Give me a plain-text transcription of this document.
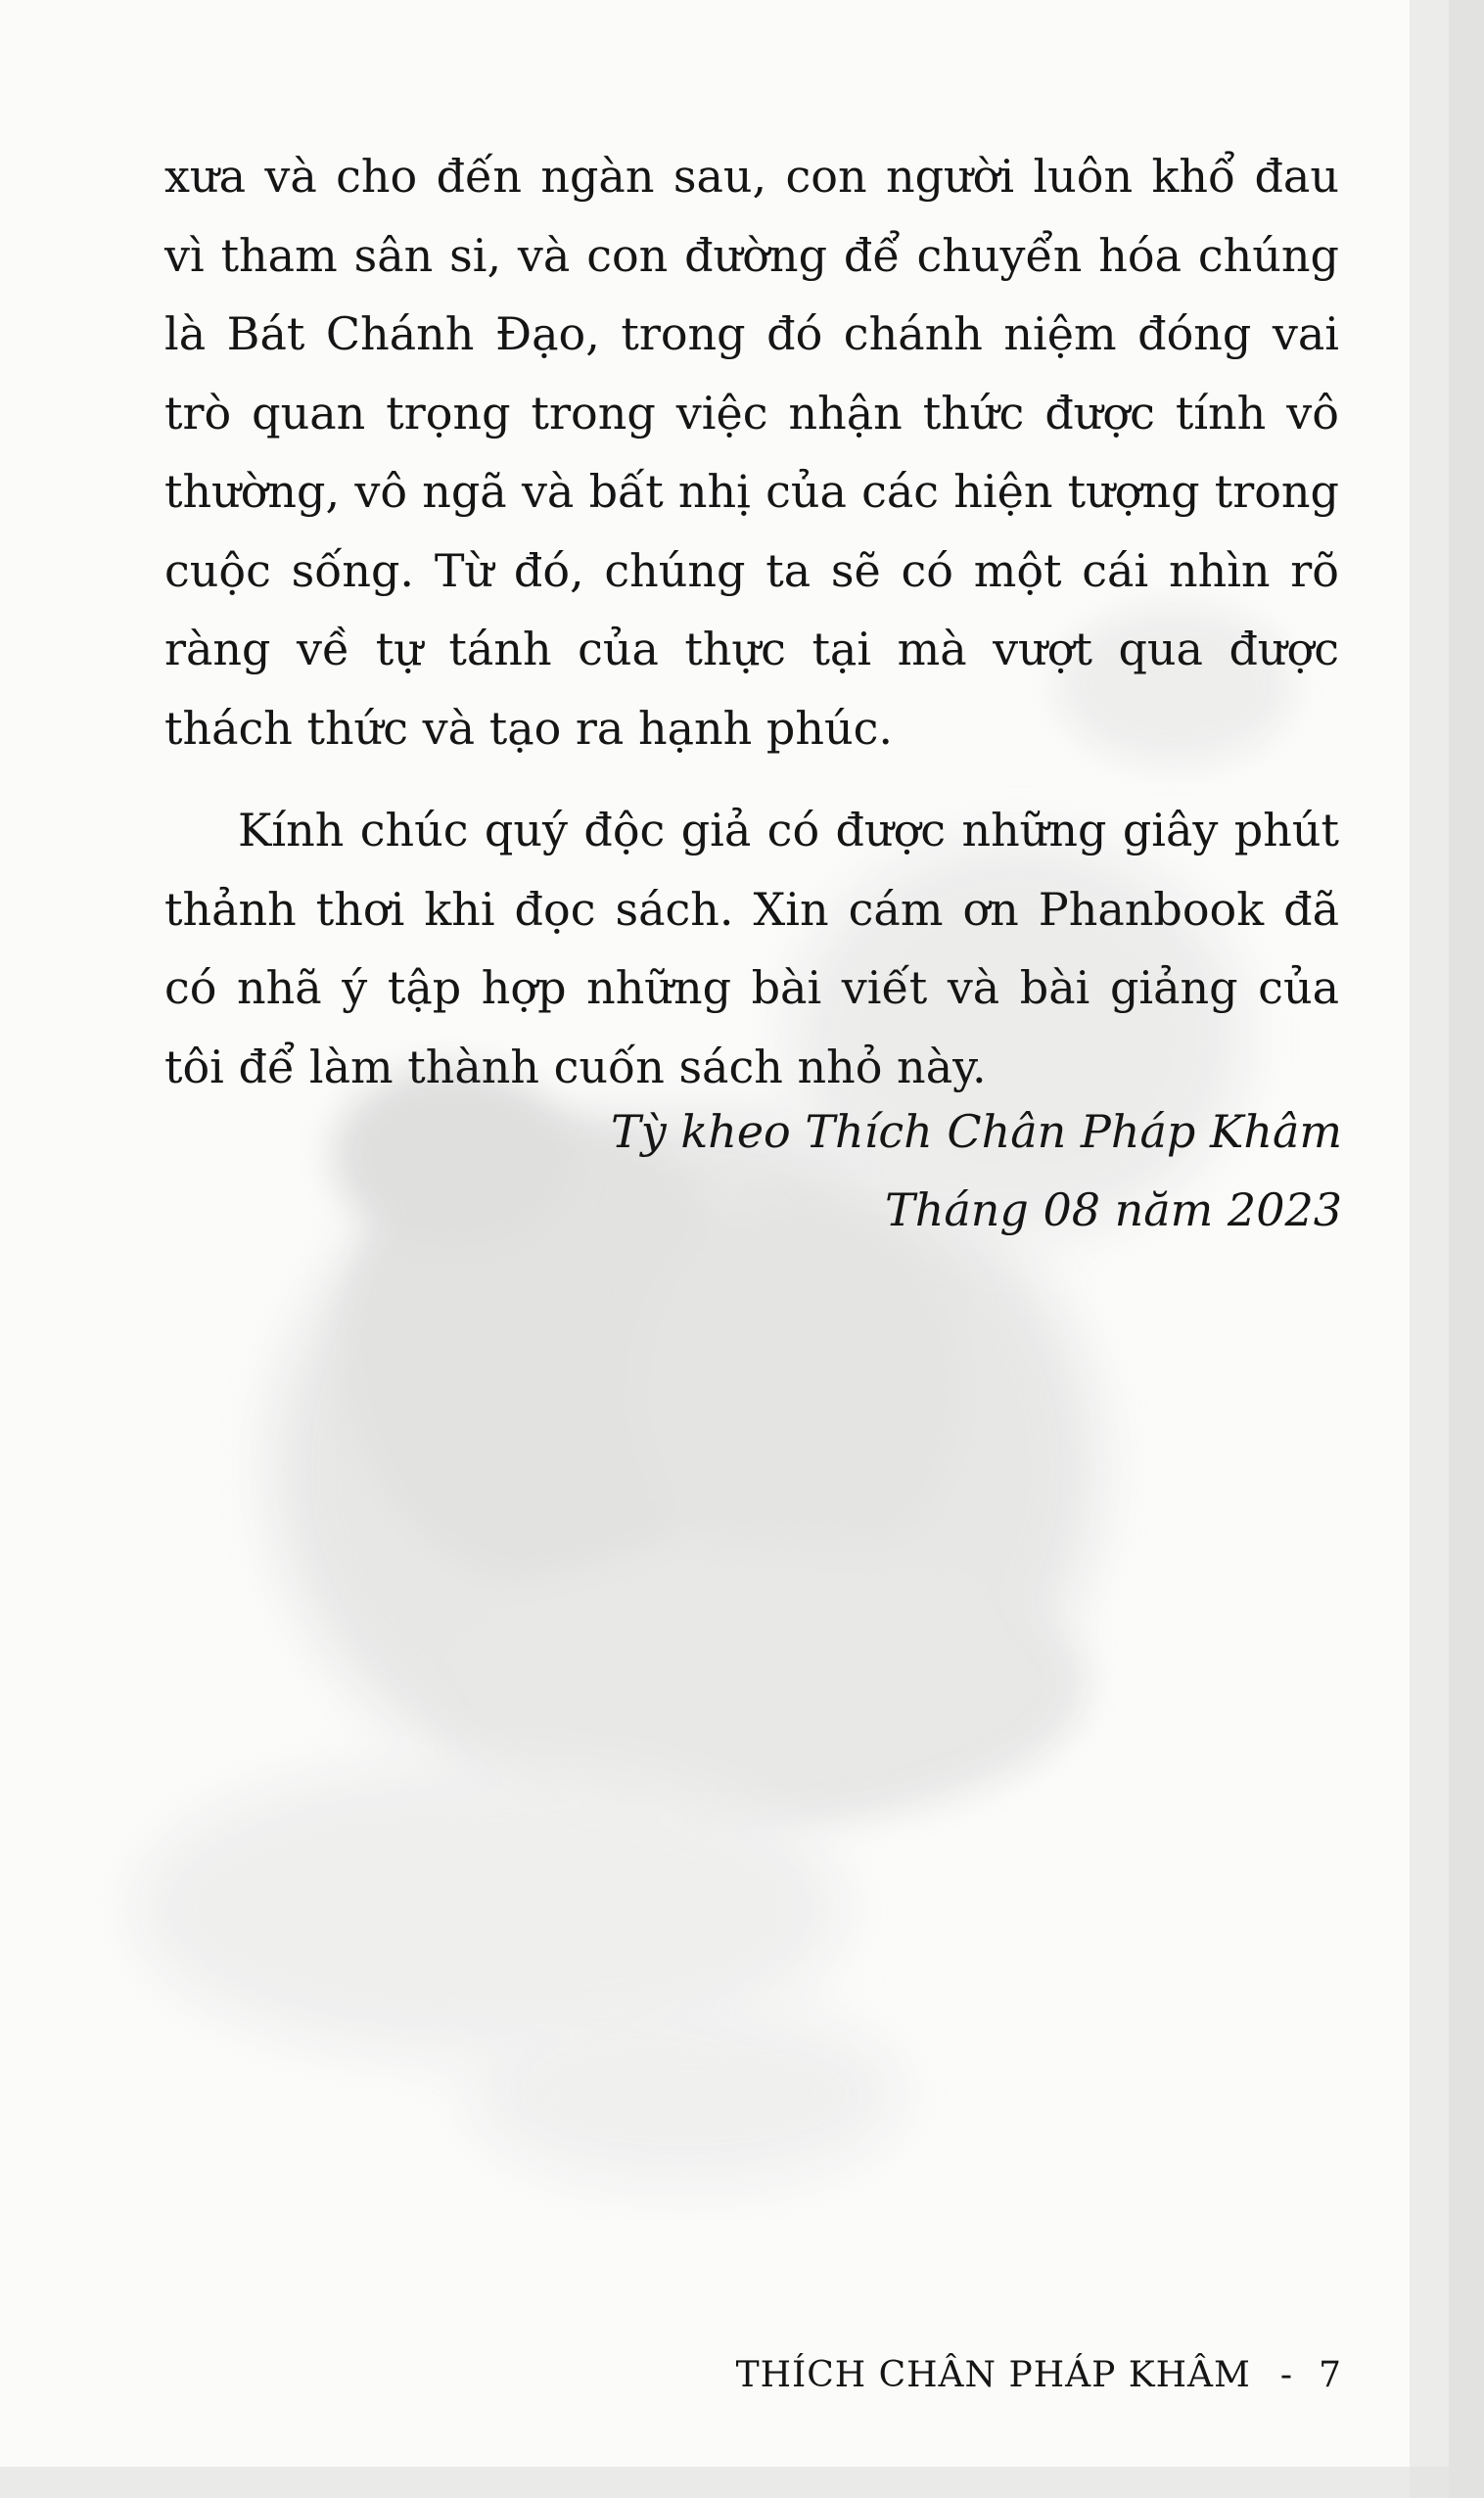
xưa và cho đến ngàn sau, con người luôn khổ đau vì tham sân si, và con đường để chuyển hóa chúng là Bát Chánh Đạo, trong đó chánh niệm đóng vai trò quan trọng trong việc nhận thức được tính vô thường, vô ngã và bất nhị của các hiện tượng trong cuộc sống. Từ đó, chúng ta sẽ có một cái nhìn rõ ràng về tự tánh của thực tại mà vượt qua được thách thức và tạo ra hạnh phúc.

Kính chúc quý độc giả có được những giây phút thảnh thơi khi đọc sách. Xin cám ơn Phanbook đã có nhã ý tập hợp những bài viết và bài giảng của tôi để làm thành cuốn sách nhỏ này.

Tỳ kheo Thích Chân Pháp Khâm
Tháng 08 năm 2023
THÍCH CHÂN PHÁP KHÂM - 7
